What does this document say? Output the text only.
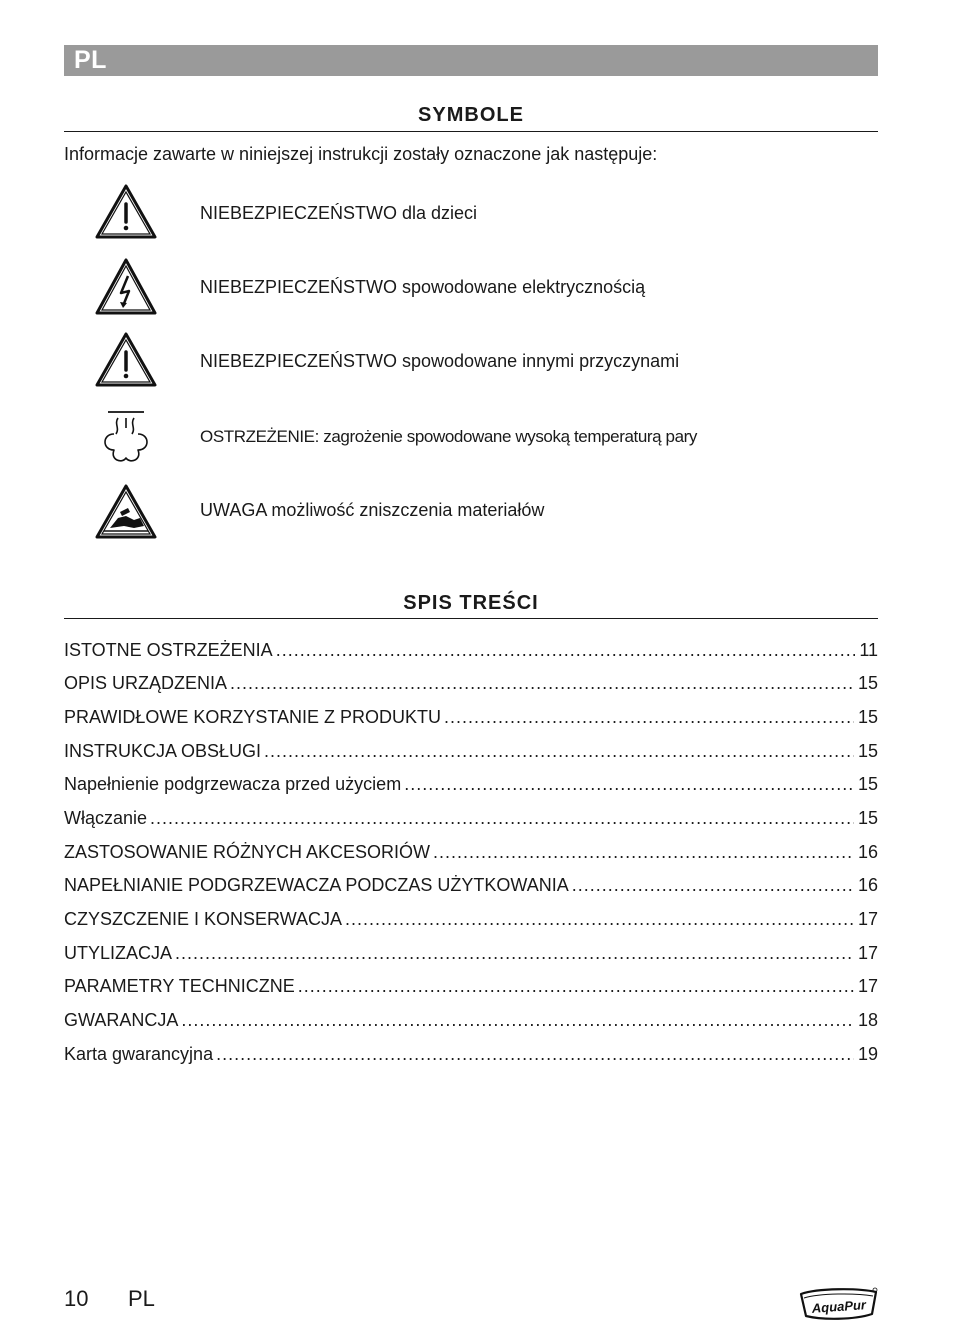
PL
SYMBOLE
Informacje zawarte w niniejszej instrukcji zostały oznaczone jak następuje:
NIEBEZPIECZEŃSTWO dla dzieci
NIEBEZPIECZEŃSTWO spowodowane elektrycznością
NIEBEZPIECZEŃSTWO spowodowane innymi przyczynami
OSTRZEŻENIE: zagrożenie spowodowane wysoką temperaturą pary
UWAGA możliwość zniszczenia materiałów
SPIS TREŚCI
ISTOTNE OSTRZEŻENIA .....	11
OPIS URZĄDZENIA .....	15
PRAWIDŁOWE KORZYSTANIE Z PRODUKTU .....	15
INSTRUKCJA OBSŁUGI .....	15
Napełnienie podgrzewacza przed użyciem .....	15
Włączanie .....	15
ZASTOSOWANIE RÓŻNYCH AKCESORIÓW .....	16
NAPEŁNIANIE PODGRZEWACZA PODCZAS UŻYTKOWANIA .....	16
CZYSZCZENIE I KONSERWACJA .....	17
UTYLIZACJA .....	17
PARAMETRY TECHNICZNE .....	17
GWARANCJA .....	18
Karta gwarancyjna .....	19
10 PL	AquaPur
